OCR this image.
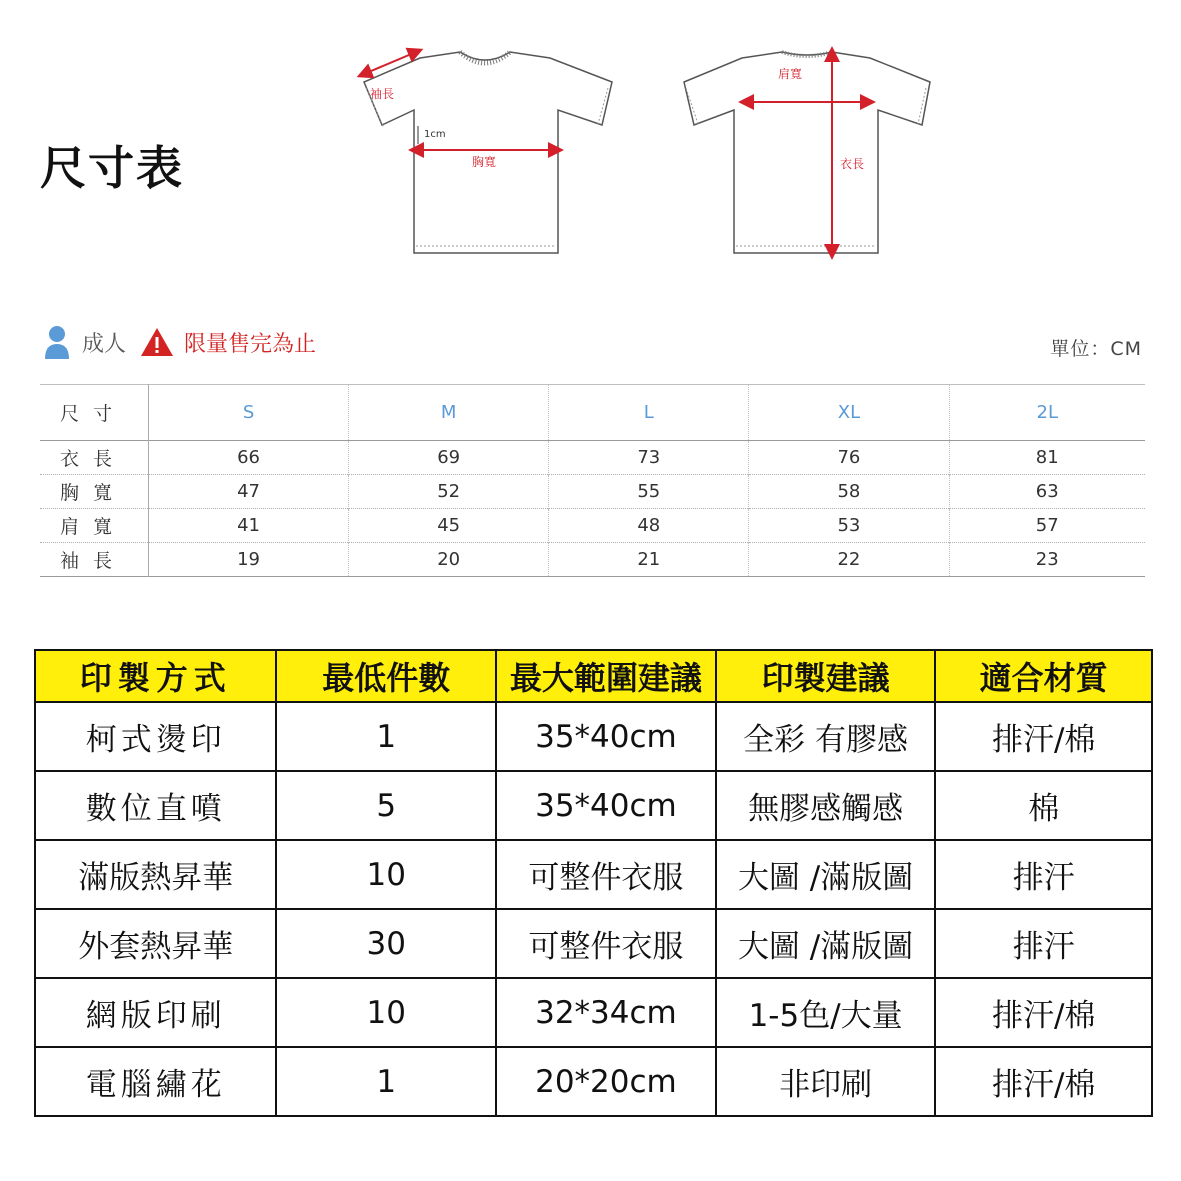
尺寸表
袖長
1cm
胸寬
肩寬
衣長
成人	限量售完為止	單位：CM
尺寸	S	M	L	XL	2L
衣長	66	69	73	76	81
胸寬	47	52	55	58	63
肩寬	41	45	48	53	57
袖長	19	20	21	22	23
印製方式	最低件數	最大範圍建議	印製建議	適合材質
柯式燙印	1	35*40cm	全彩 有膠感	排汗/棉
數位直噴	5	35*40cm	無膠感觸感	棉
滿版熱昇華	10	可整件衣服	大圖 /滿版圖	排汗
外套熱昇華	30	可整件衣服	大圖 /滿版圖	排汗
網版印刷	10	32*34cm	1-5色/大量	排汗/棉
電腦繡花	1	20*20cm	非印刷	排汗/棉
